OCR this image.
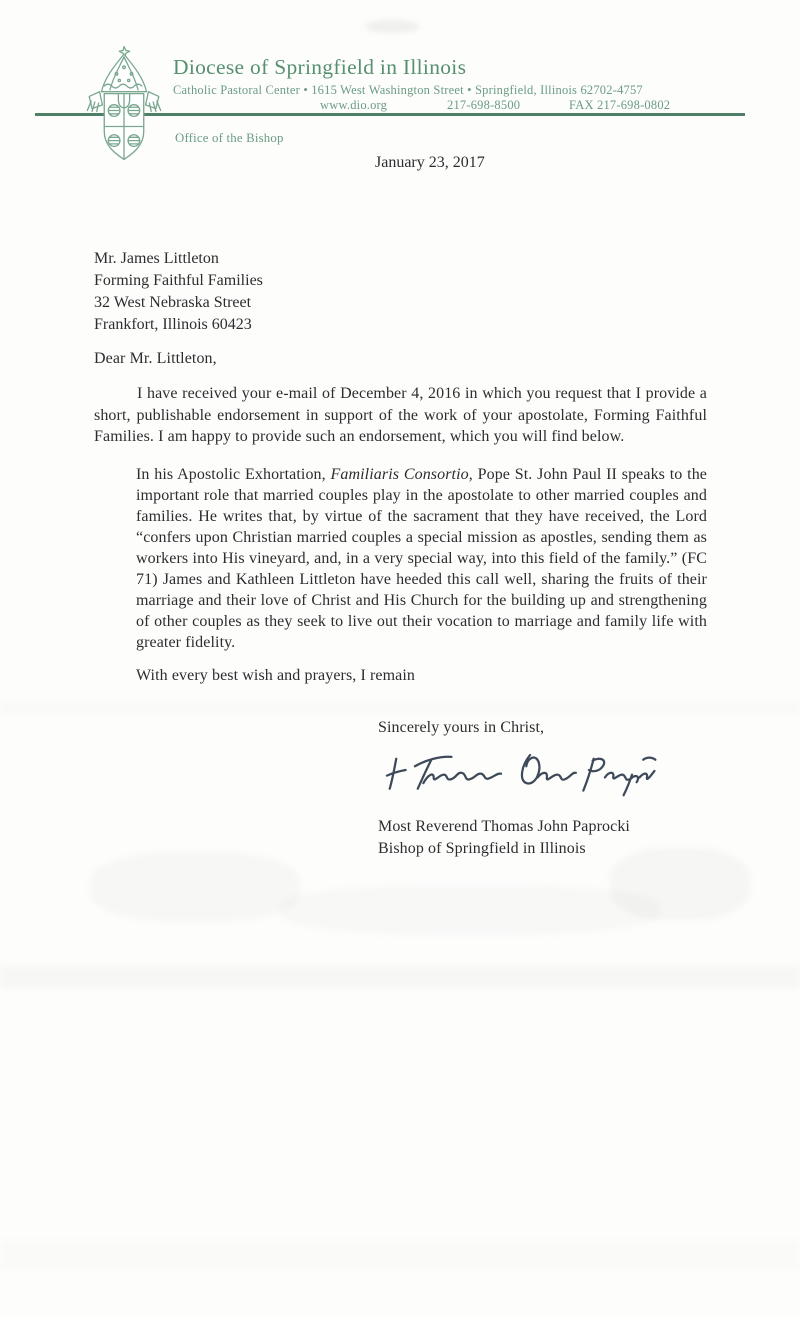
Diocese of Springfield in Illinois
Catholic Pastoral Center • 1615 West Washington Street • Springfield, Illinois 62702-4757
www.dio.org	217-698-8500	FAX 217-698-0802
Office of the Bishop
January 23, 2017
Mr. James Littleton
Forming Faithful Families
32 West Nebraska Street
Frankfort, Illinois 60423

Dear Mr. Littleton,

I have received your e-mail of December 4, 2016 in which you request that I provide a short, publishable endorsement in support of the work of your apostolate, Forming Faithful Families. I am happy to provide such an endorsement, which you will find below.

In his Apostolic Exhortation, Familiaris Consortio, Pope St. John Paul II speaks to the important role that married couples play in the apostolate to other married couples and families. He writes that, by virtue of the sacrament that they have received, the Lord “confers upon Christian married couples a special mission as apostles, sending them as workers into His vineyard, and, in a very special way, into this field of the family.” (FC 71) James and Kathleen Littleton have heeded this call well, sharing the fruits of their marriage and their love of Christ and His Church for the building up and strengthening of other couples as they seek to live out their vocation to marriage and family life with greater fidelity.

With every best wish and prayers, I remain

Sincerely yours in Christ,

Most Reverend Thomas John Paprocki
Bishop of Springfield in Illinois
